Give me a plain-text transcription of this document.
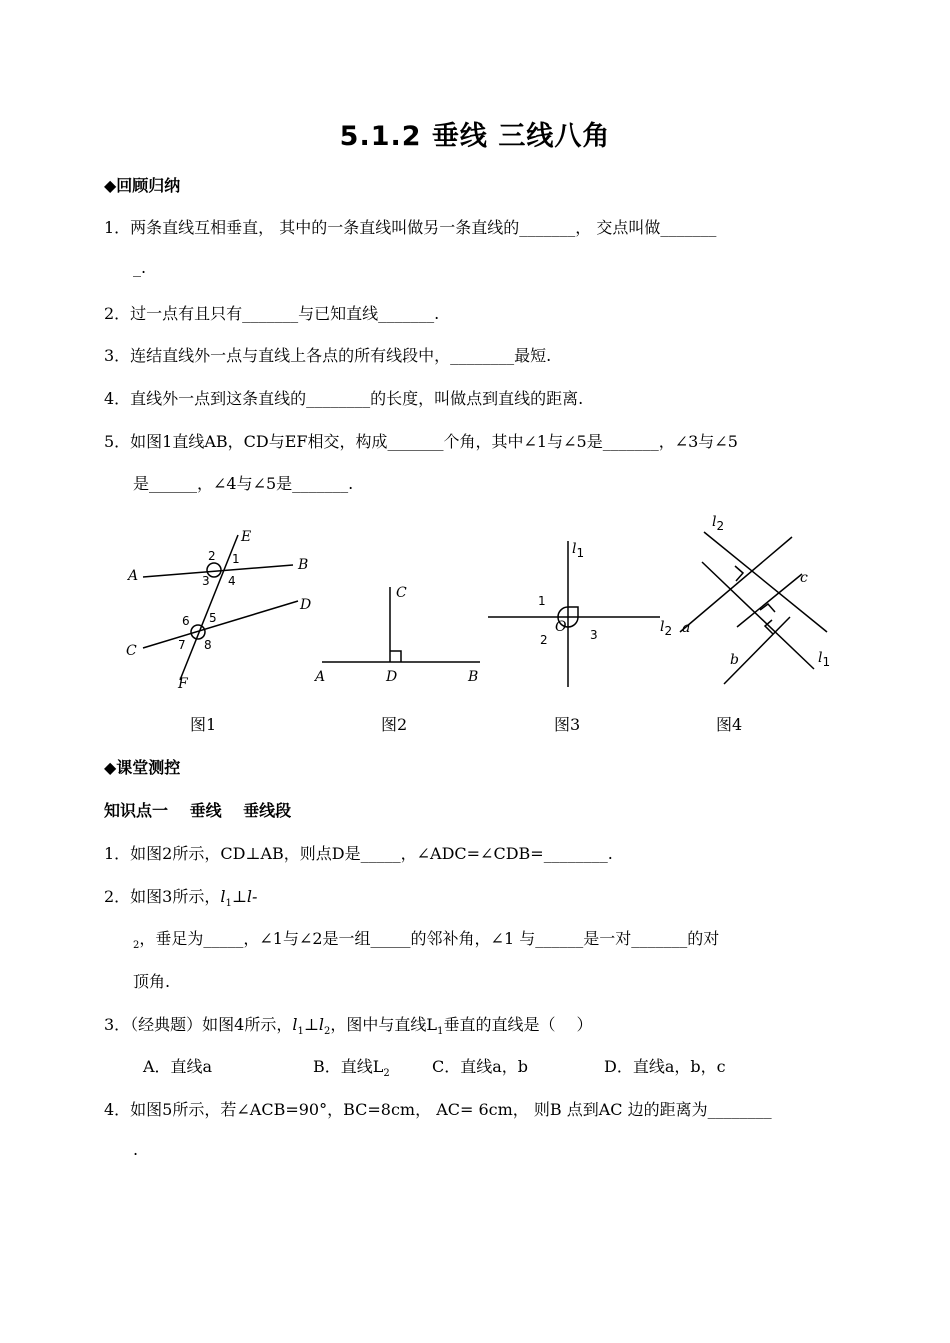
5.1.2 垂线 三线八角
◆回顾归纳
1．两条直线互相垂直， 其中的一条直线叫做另一条直线的_______， 交点叫做_______
_.
2．过一点有且只有_______与已知直线_______.
3．连结直线外一点与直线上各点的所有线段中，________最短.
4．直线外一点到这条直线的________的长度，叫做点到直线的距离.
5．如图1直线AB，CD与EF相交，构成_______个角，其中∠1与∠5是_______，∠3与∠5
是______，∠4与∠5是_______.
E
B
A
D
C
F
1
2
3 4
5
6
7 8
图1
C
A	D	B
图2
l1
l2
O
1
2	3
图3
l2
c
a
b	l1
图4
◆课堂测控
知识点一　 垂线　 垂线段
1．如图2所示，CD⊥AB，则点D是_____，∠ADC=∠CDB=________.
2．如图3所示，$l_1\perp l-$
$_2$，垂足为_____，∠1与∠2是一组_____的邻补角，∠1 与______是一对_______的对
顶角.
3．（经典题）如图4所示，$l_1\perp l_2$，图中与直线$L_1$垂直的直线是（　 ）
A．直线a	B．直线$L_2$	C．直线a，b	D．直线a，b，c
4．如图5所示，若∠ACB=90°，BC=8cm， AC= 6cm， 则B 点到AC 边的距离为________
.
